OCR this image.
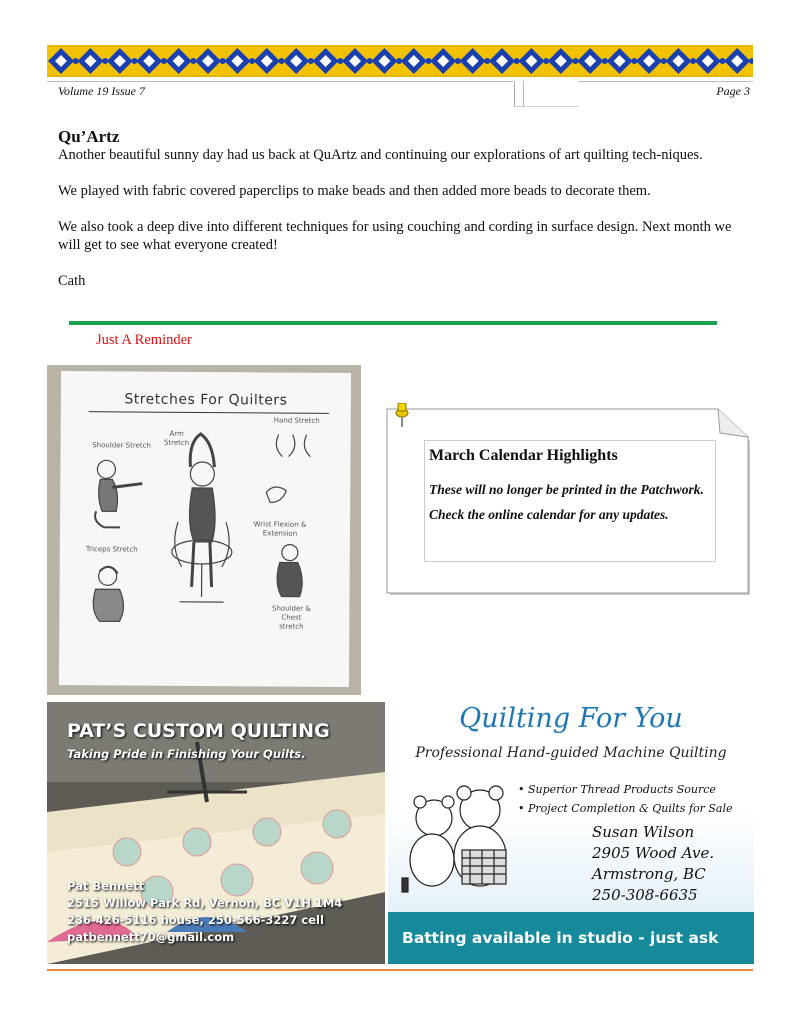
Volume 19 Issue 7	Page 3
Qu’Artz

Another beautiful sunny day had us back at QuArtz and continuing our explorations of art quilting tech-niques.

We played with fabric covered paperclips to make beads and then added more beads to decorate them.

We also took a deep dive into different techniques for using couching and cording in surface design. Next month we will get to see what everyone created!

Cath

Just A Reminder
Stretches For Quilters
Shoulder Stretch
Arm Stretch
Hand Stretch
Wrist Flexion & Extension
Triceps Stretch
Shoulder & Chest stretch
March Calendar Highlights
These will no longer be printed in the Patchwork.
Check the online calendar for any updates.
PAT’S CUSTOM QUILTING
Taking Pride in Finishing Your Quilts.
Pat Bennett
2515 Willow Park Rd, Vernon, BC V1H 1M4
236-426-5116 house, 250-566-3227 cell
patbennett70@gmail.com
Quilting For You
Professional Hand-guided Machine Quilting
• Superior Thread Products Source
• Project Completion & Quilts for Sale
Susan Wilson
2905 Wood Ave.
Armstrong, BC
250-308-6635
Batting available in studio - just ask
